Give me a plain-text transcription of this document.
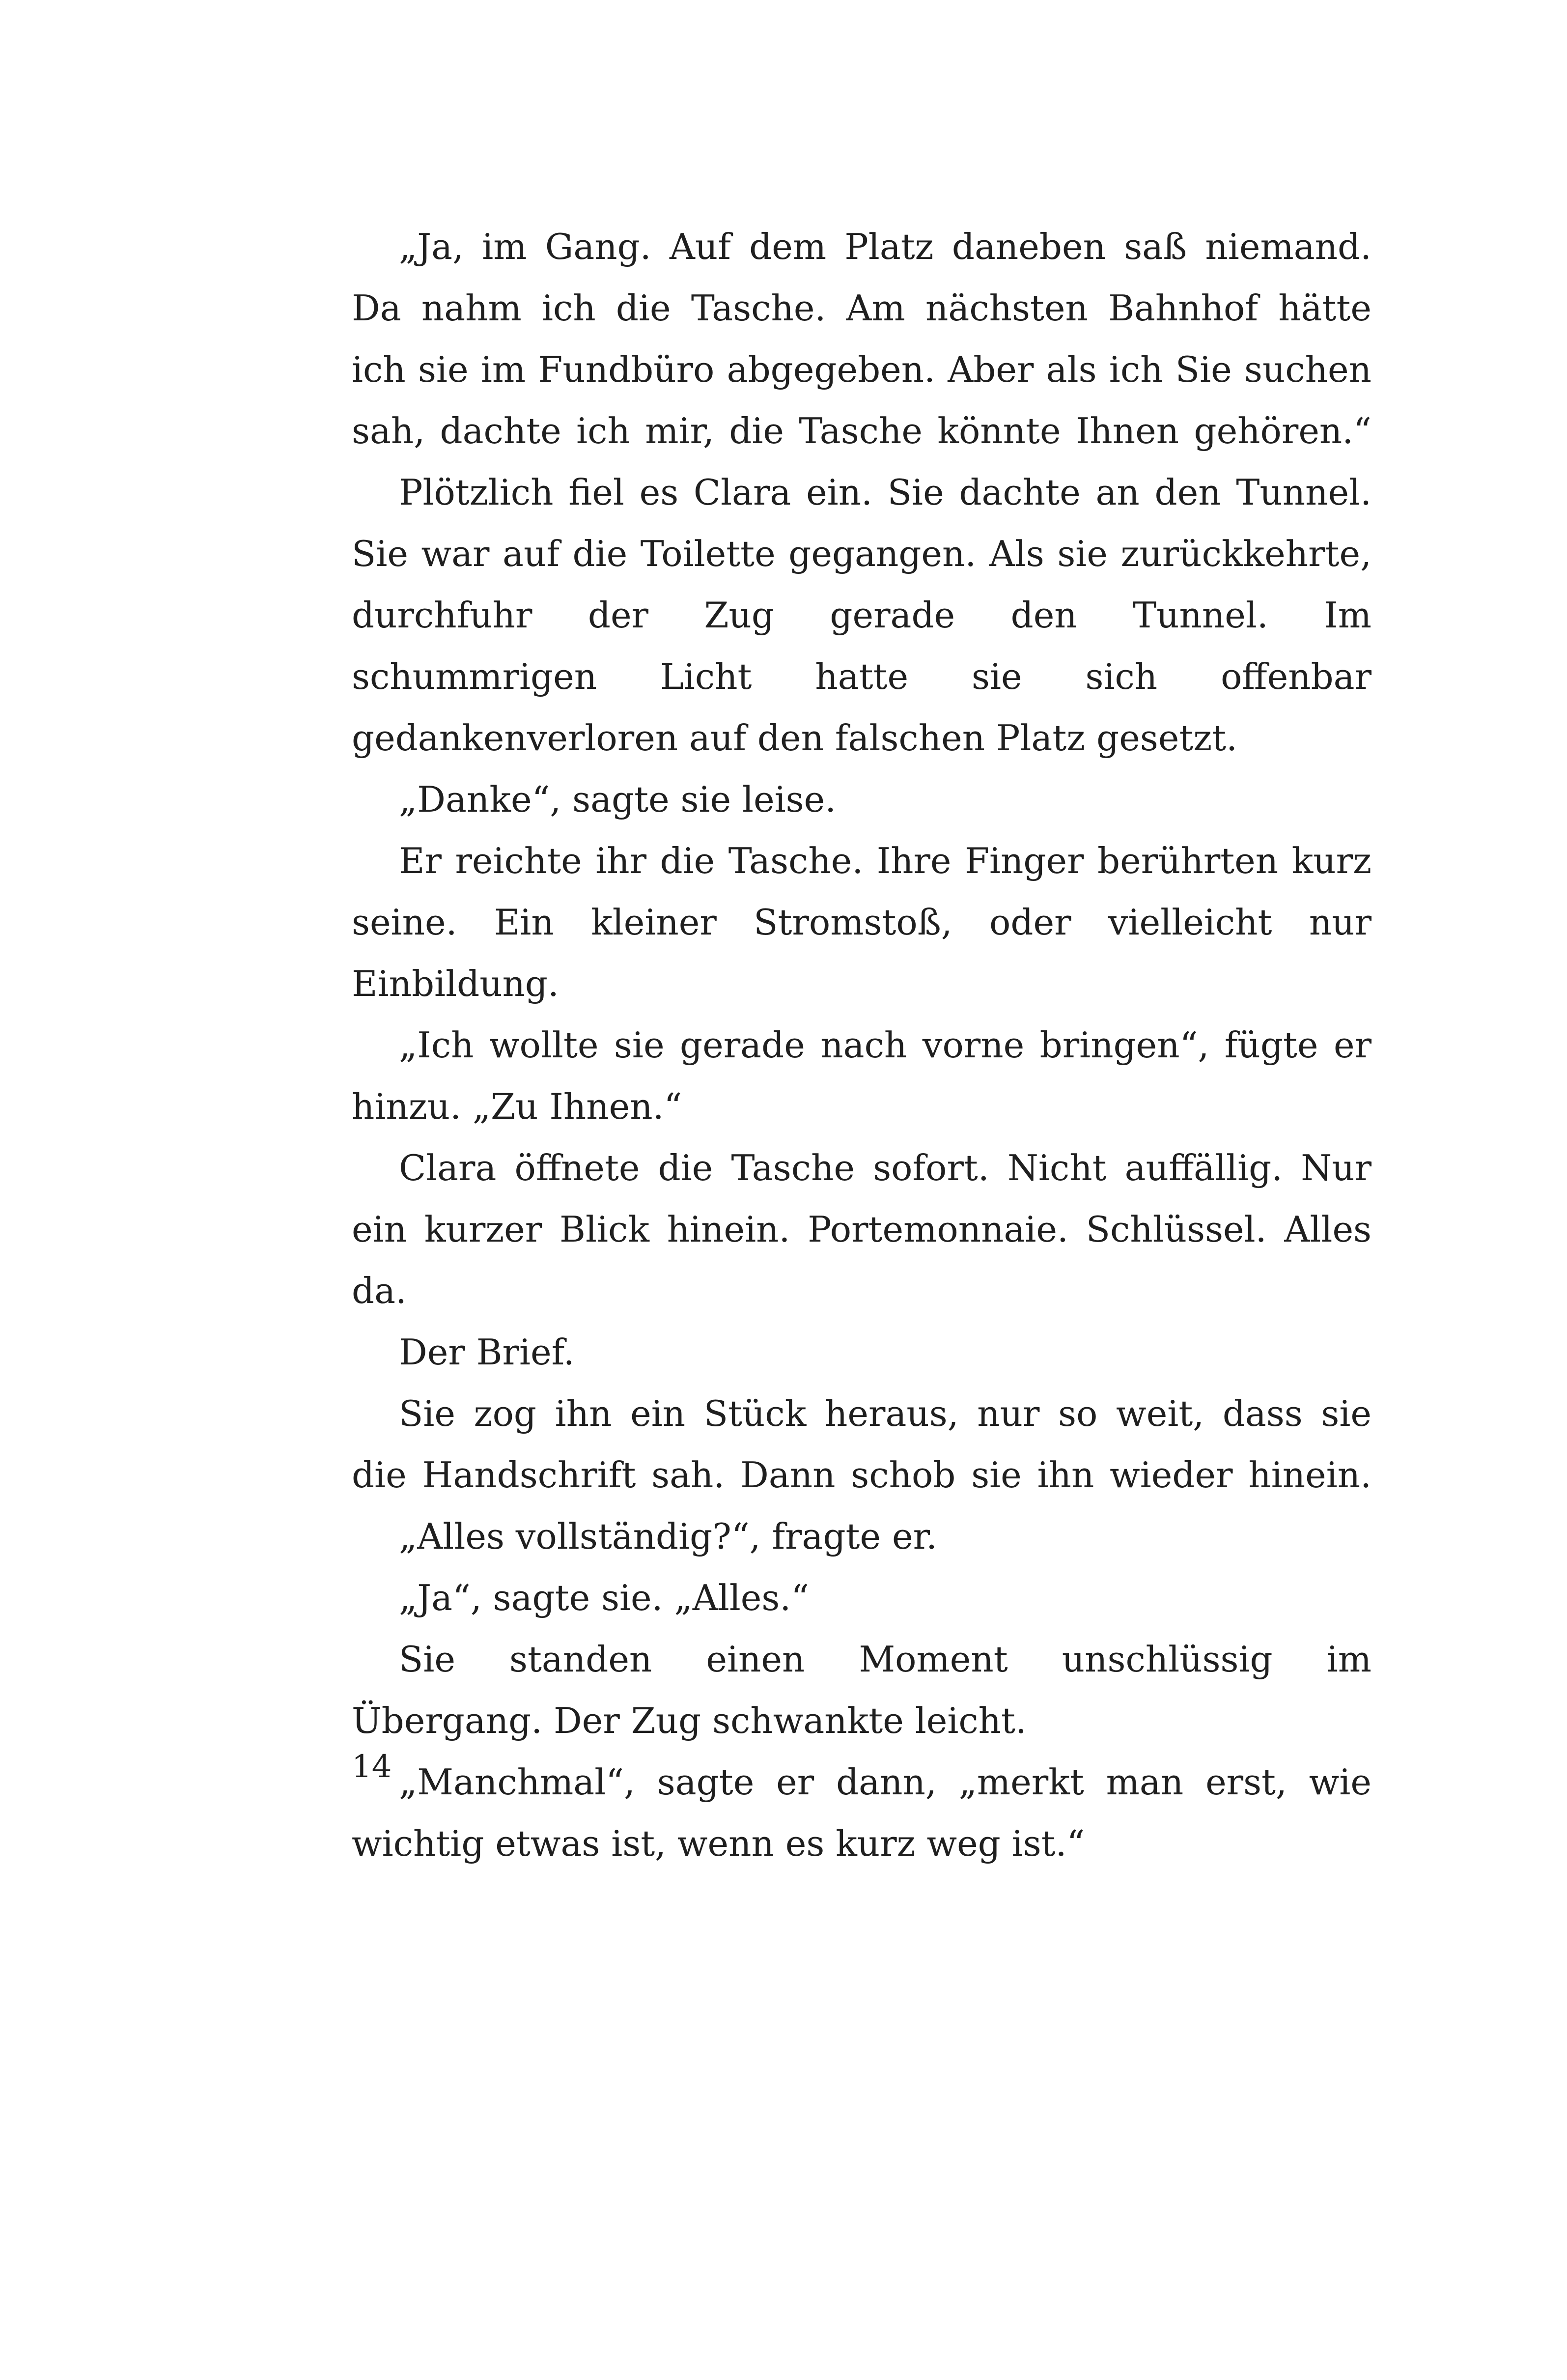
„Ja, im Gang. Auf dem Platz daneben saß niemand.
Da nahm ich die Tasche. Am nächsten Bahnhof hätte
ich sie im Fundbüro abgegeben. Aber als ich Sie suchen
sah, dachte ich mir, die Tasche könnte Ihnen gehören.“
Plötzlich fiel es Clara ein. Sie dachte an den Tunnel.
Sie war auf die Toilette gegangen. Als sie zurückkehrte,
durchfuhr der Zug gerade den Tunnel. Im
schummrigen Licht hatte sie sich offenbar
gedankenverloren auf den falschen Platz gesetzt.
„Danke“, sagte sie leise.
Er reichte ihr die Tasche. Ihre Finger berührten kurz
seine. Ein kleiner Stromstoß, oder vielleicht nur
Einbildung.
„Ich wollte sie gerade nach vorne bringen“, fügte er
hinzu. „Zu Ihnen.“
Clara öffnete die Tasche sofort. Nicht auffällig. Nur
ein kurzer Blick hinein. Portemonnaie. Schlüssel. Alles
da.
Der Brief.
Sie zog ihn ein Stück heraus, nur so weit, dass sie
die Handschrift sah. Dann schob sie ihn wieder hinein.
„Alles vollständig?“, fragte er.
„Ja“, sagte sie. „Alles.“
Sie standen einen Moment unschlüssig im
Übergang. Der Zug schwankte leicht.
„Manchmal“, sagte er dann, „merkt man erst, wie
wichtig etwas ist, wenn es kurz weg ist.“
14
